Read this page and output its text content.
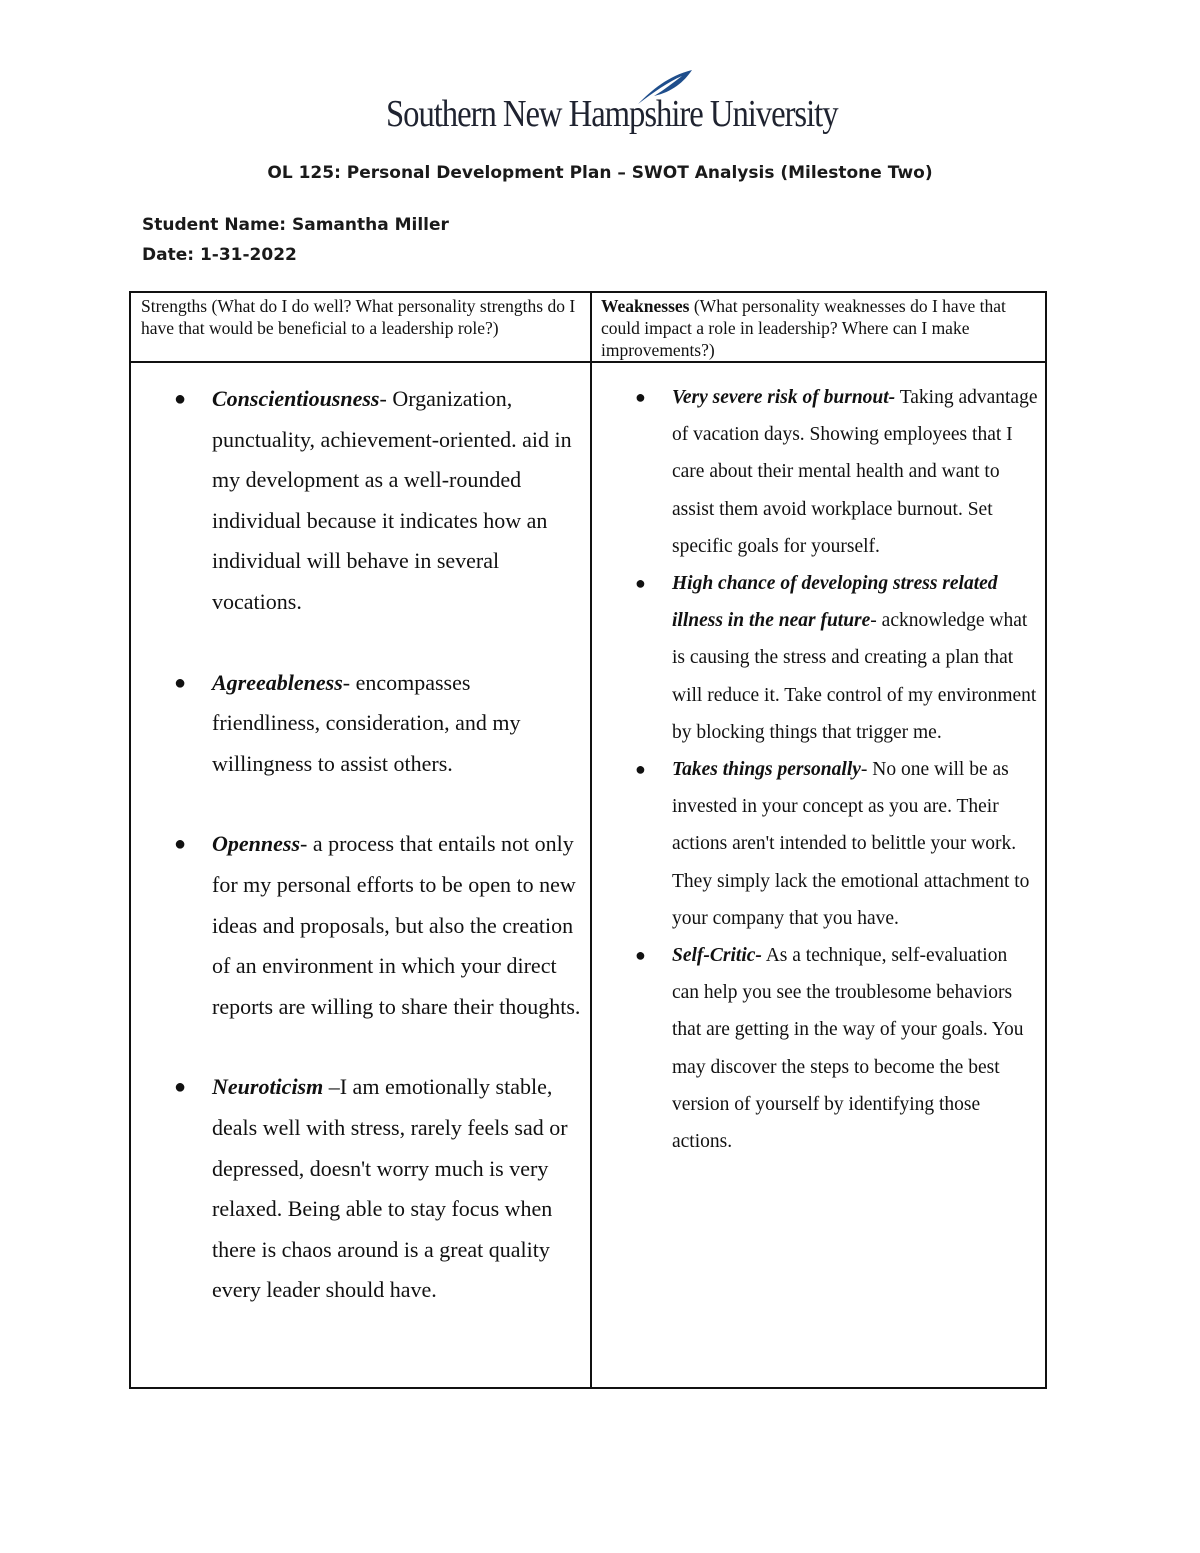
Southern New Hampshire University
OL 125: Personal Development Plan – SWOT Analysis (Milestone Two)
Student Name: Samantha Miller
Date: 1-31-2022
Strengths (What do I do well? What personality strengths do I have that would be beneficial to a leadership role?)
Weaknesses (What personality weaknesses do I have that could impact a role in leadership? Where can I make improvements?)
● Conscientiousness- Organization, punctuality, achievement-oriented. aid in my development as a well-rounded individual because it indicates how an individual will behave in several vocations.
● Agreeableness- encompasses friendliness, consideration, and my willingness to assist others.
● Openness- a process that entails not only for my personal efforts to be open to new ideas and proposals, but also the creation of an environment in which your direct reports are willing to share their thoughts.
● Neuroticism –I am emotionally stable, deals well with stress, rarely feels sad or depressed, doesn't worry much is very relaxed. Being able to stay focus when there is chaos around is a great quality every leader should have.
● Very severe risk of burnout- Taking advantage of vacation days. Showing employees that I care about their mental health and want to assist them avoid workplace burnout. Set specific goals for yourself.
● High chance of developing stress related illness in the near future- acknowledge what is causing the stress and creating a plan that will reduce it. Take control of my environment by blocking things that trigger me.
● Takes things personally- No one will be as invested in your concept as you are. Their actions aren't intended to belittle your work. They simply lack the emotional attachment to your company that you have.
● Self-Critic- As a technique, self-evaluation can help you see the troublesome behaviors that are getting in the way of your goals. You may discover the steps to become the best version of yourself by identifying those actions.
